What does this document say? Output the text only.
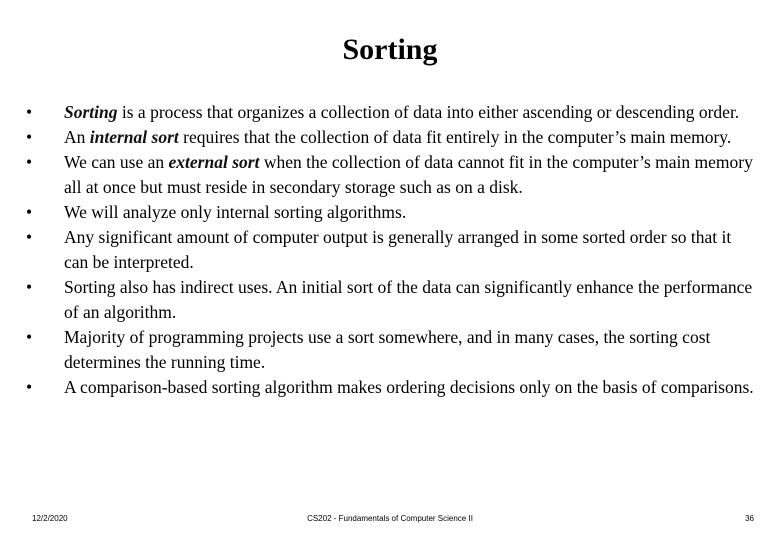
Sorting
•	Sorting is a process that organizes a collection of data into either ascending or descending order.
•	An internal sort requires that the collection of data fit entirely in the computer’s main memory.
•	We can use an external sort when the collection of data cannot fit in the computer’s main memory all at once but must reside in secondary storage such as on a disk.
•	We will analyze only internal sorting algorithms.
•	Any significant amount of computer output is generally arranged in some sorted order so that it can be interpreted.
•	Sorting also has indirect uses. An initial sort of the data can significantly enhance the performance of an algorithm.
•	Majority of programming projects use a sort somewhere, and in many cases, the sorting cost determines the running time.
•	A comparison-based sorting algorithm makes ordering decisions only on the basis of comparisons.
12/2/2020	CS202 - Fundamentals of Computer Science II	36
